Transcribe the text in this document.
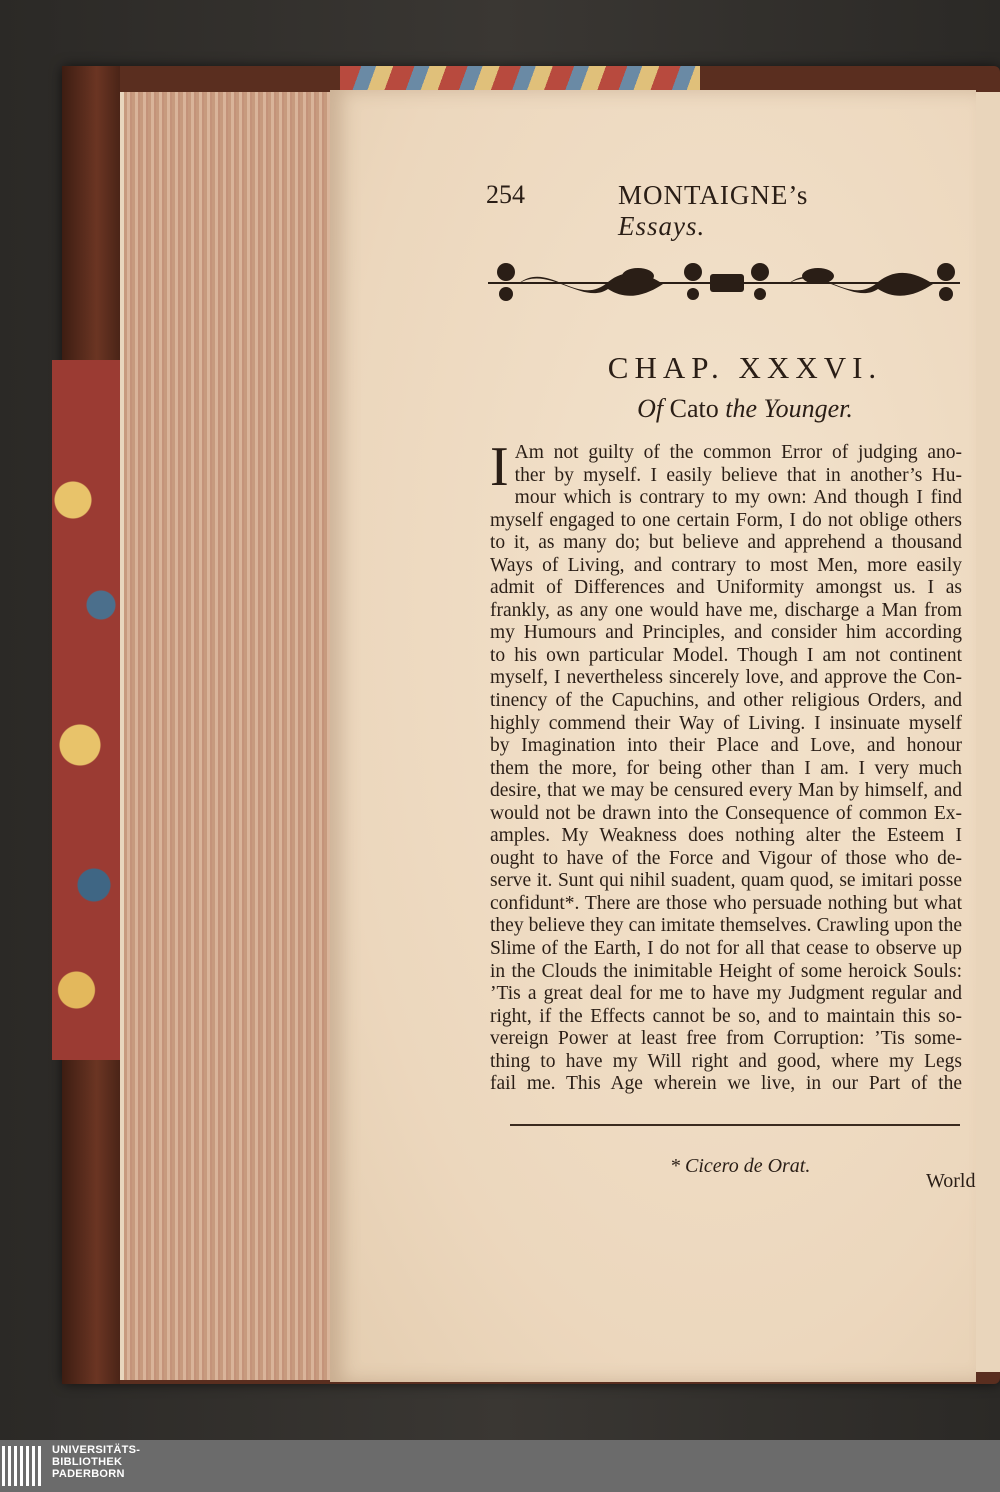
254	MONTAIGNE’s Essays.
CHAP. XXXVI.
Of Cato the Younger.
I Am not guilty of the common Error of judging ano-
ther by myself. I easily believe that in another’s Hu-
mour which is contrary to my own: And though I find
myself engaged to one certain Form, I do not oblige others
to it, as many do; but believe and apprehend a thousand
Ways of Living, and contrary to most Men, more easily
admit of Differences and Uniformity amongst us. I as
frankly, as any one would have me, discharge a Man from
my Humours and Principles, and consider him according
to his own particular Model. Though I am not continent
myself, I nevertheless sincerely love, and approve the Con-
tinency of the Capuchins, and other religious Orders, and
highly commend their Way of Living. I insinuate myself
by Imagination into their Place and Love, and honour
them the more, for being other than I am. I very much
desire, that we may be censured every Man by himself, and
would not be drawn into the Consequence of common Ex-
amples. My Weakness does nothing alter the Esteem I
ought to have of the Force and Vigour of those who de-
serve it. Sunt qui nihil suadent, quam quod, se imitari posse
confidunt*. There are those who persuade nothing but what
they believe they can imitate themselves. Crawling upon the
Slime of the Earth, I do not for all that cease to observe up
in the Clouds the inimitable Height of some heroick Souls:
’Tis a great deal for me to have my Judgment regular and
right, if the Effects cannot be so, and to maintain this so-
vereign Power at least free from Corruption: ’Tis some-
thing to have my Will right and good, where my Legs
fail me. This Age wherein we live, in our Part of the
* Cicero de Orat.
World
UNIVERSITÄTS-
BIBLIOTHEK
PADERBORN
